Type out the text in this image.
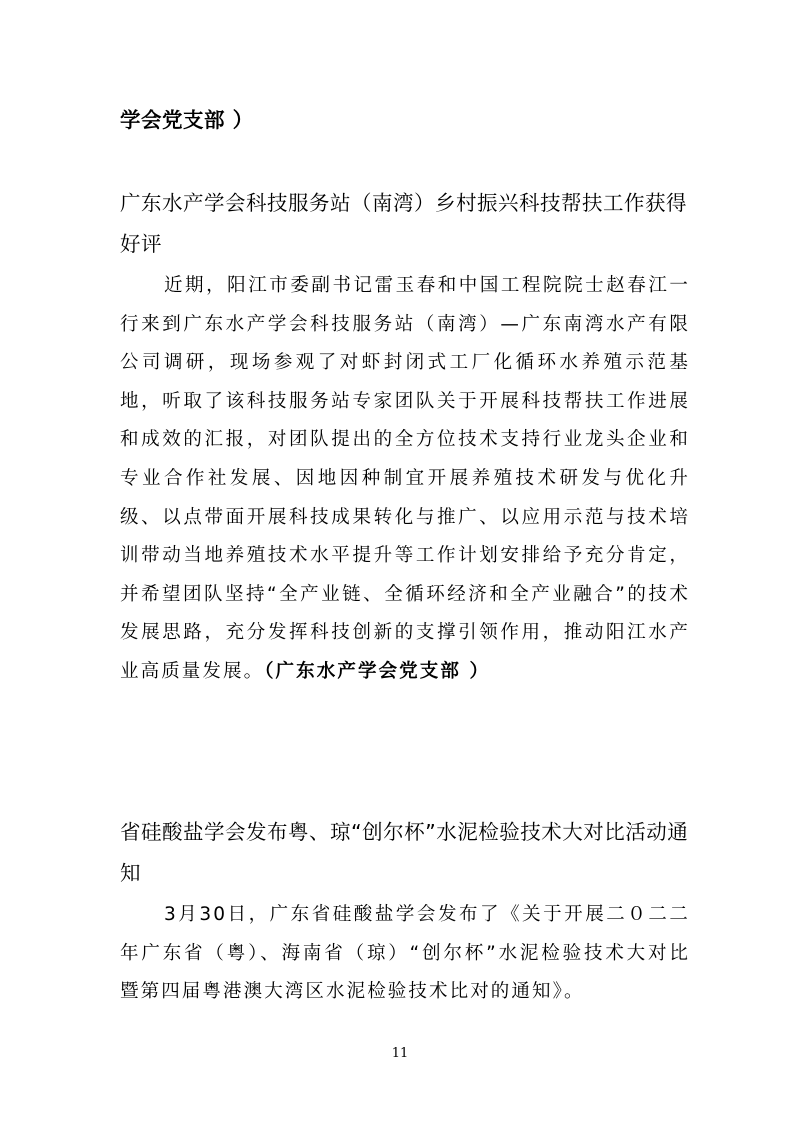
学会党支部 ）
广东水产学会科技服务站（南湾）乡村振兴科技帮扶工作获得好评
近期，阳江市委副书记雷玉春和中国工程院院士赵春江一行来到广东水产学会科技服务站（南湾）—广东南湾水产有限公司调研，现场参观了对虾封闭式工厂化循环水养殖示范基地，听取了该科技服务站专家团队关于开展科技帮扶工作进展和成效的汇报，对团队提出的全方位技术支持行业龙头企业和专业合作社发展、因地因种制宜开展养殖技术研发与优化升级、以点带面开展科技成果转化与推广、以应用示范与技术培训带动当地养殖技术水平提升等工作计划安排给予充分肯定，并希望团队坚持“全产业链、全循环经济和全产业融合”的技术发展思路，充分发挥科技创新的支撑引领作用，推动阳江水产业高质量发展。（广东水产学会党支部 ）
省硅酸盐学会发布粤、琼“创尔杯”水泥检验技术大对比活动通知
3月30日，广东省硅酸盐学会发布了《关于开展二０二二年广东省（粤）、海南省（琼）“创尔杯”水泥检验技术大对比暨第四届粤港澳大湾区水泥检验技术比对的通知》。
11
